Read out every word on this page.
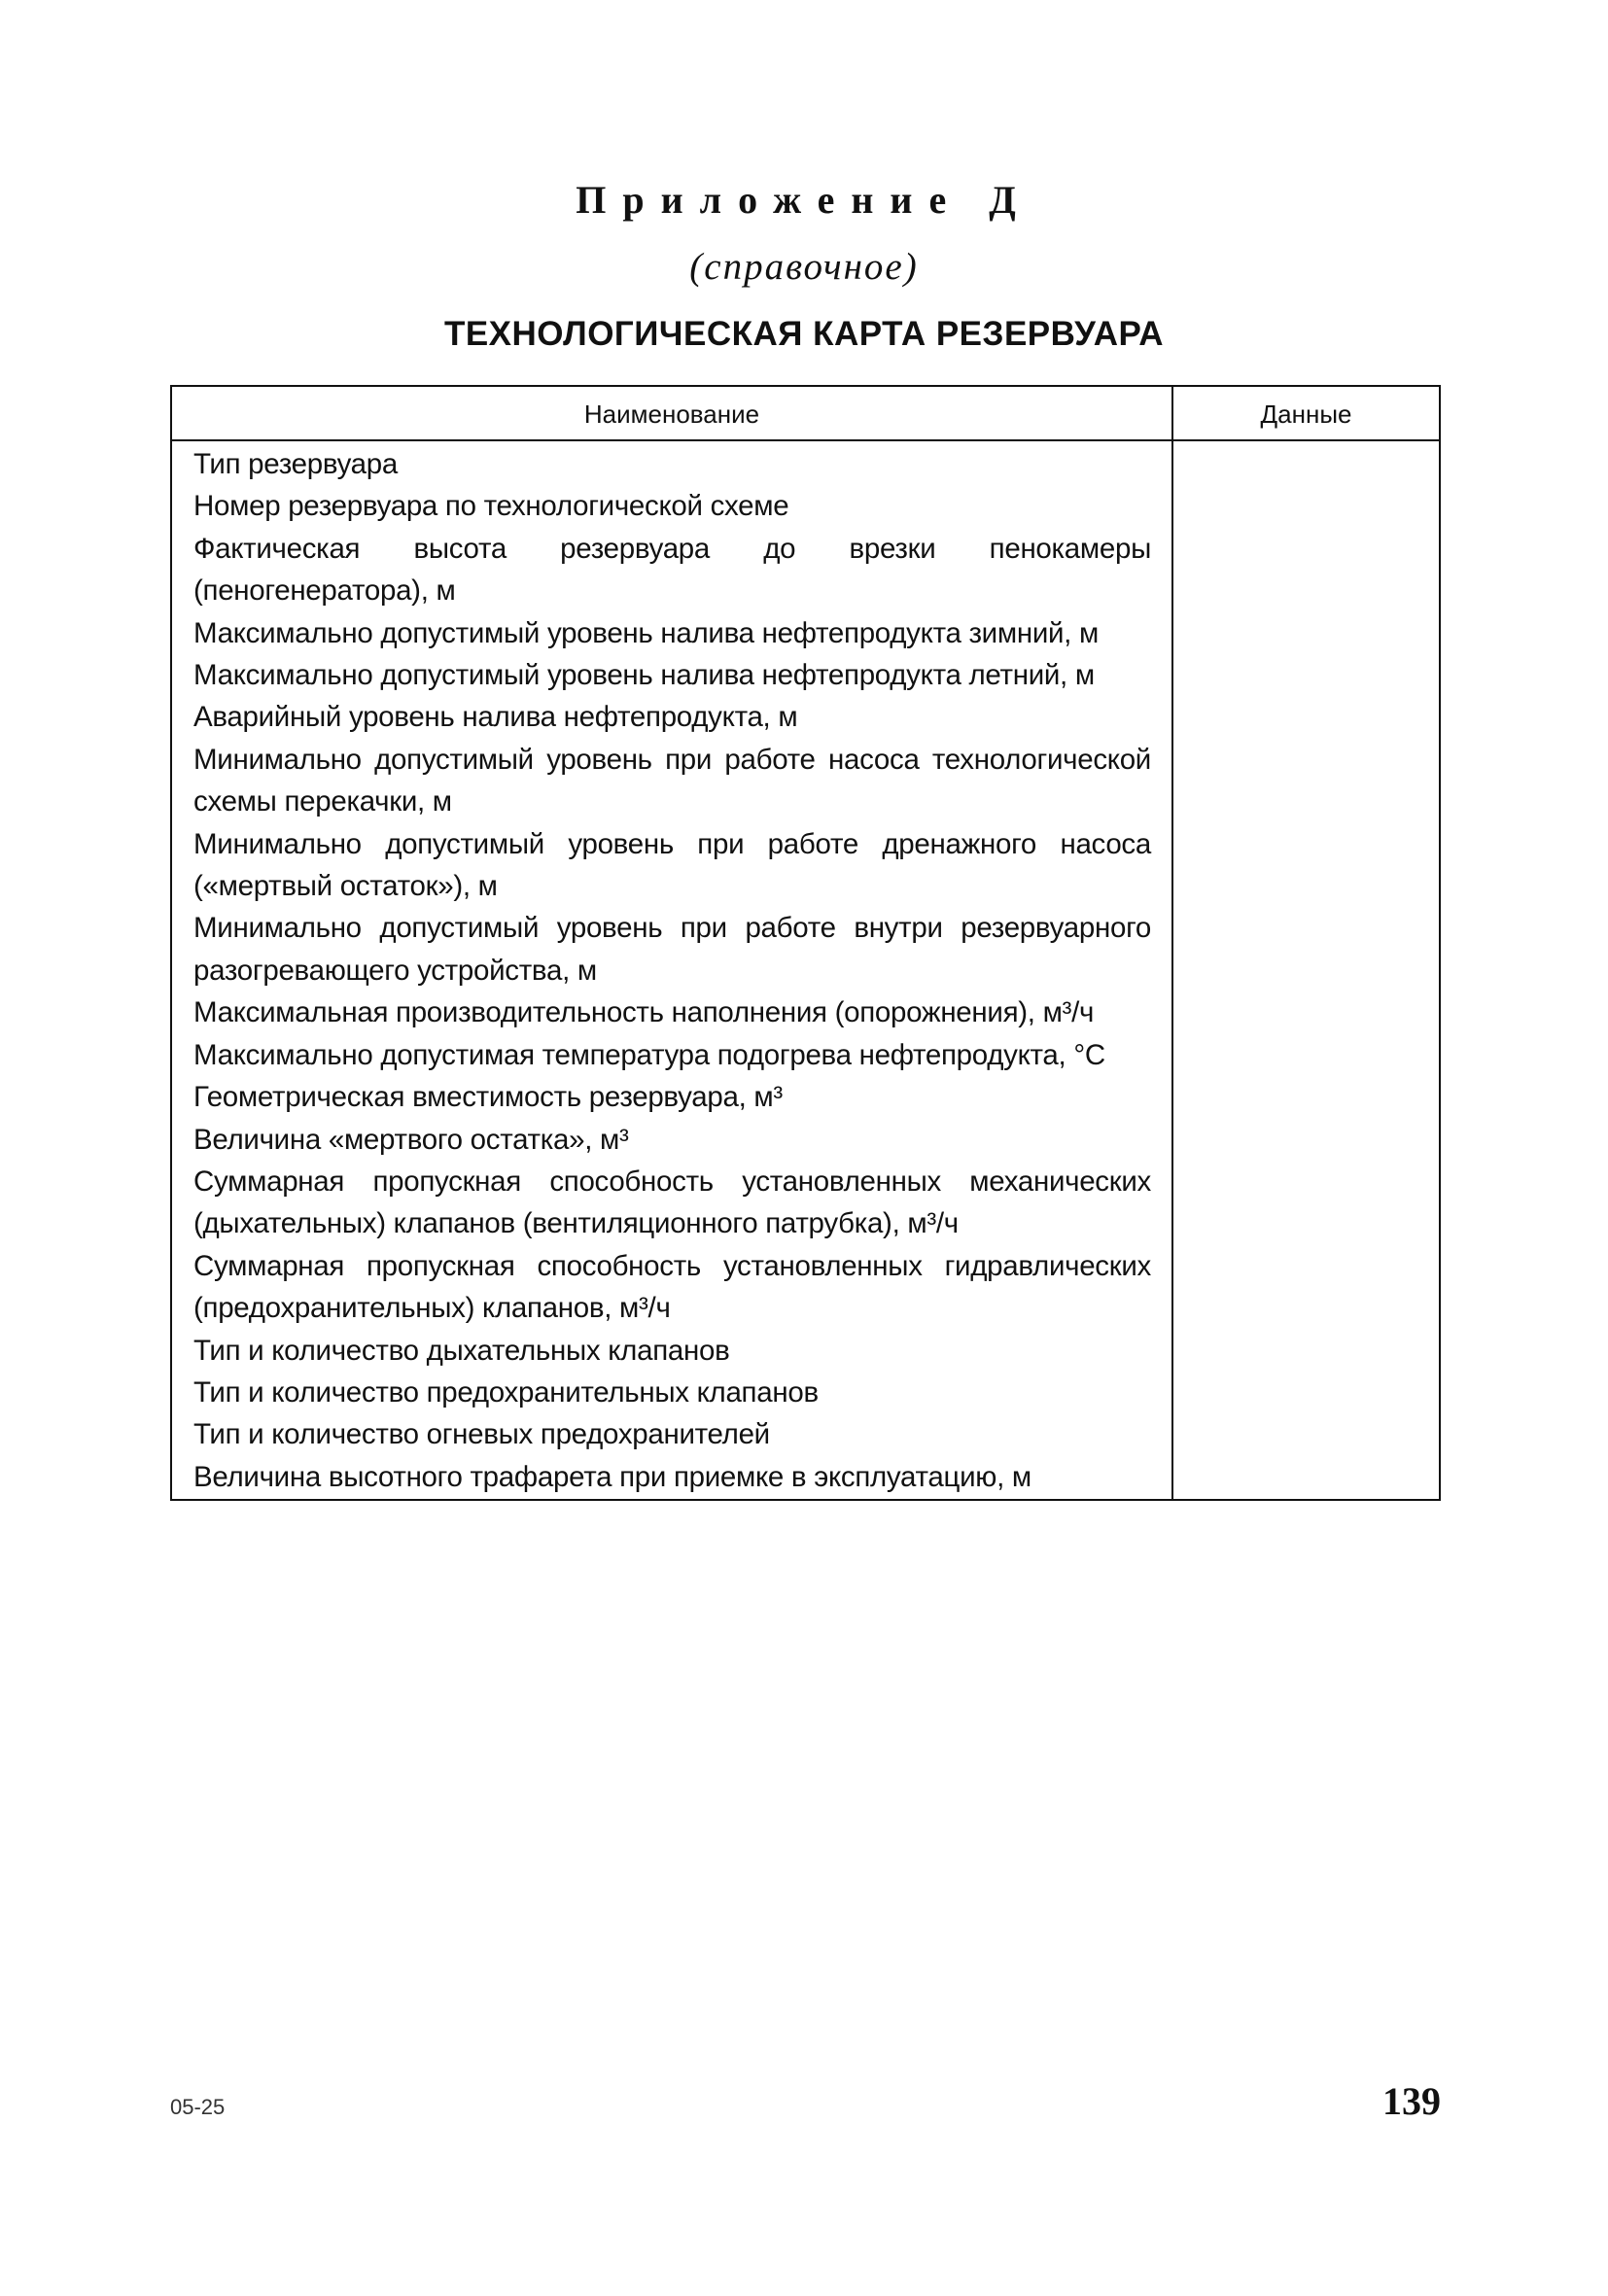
Приложение Д
(справочное)
ТЕХНОЛОГИЧЕСКАЯ КАРТА РЕЗЕРВУАРА
Наименование	Данные
Тип резервуара
Номер резервуара по технологической схеме
Фактическая высота резервуара до врезки пенокамеры (пеногенератора), м
Максимально допустимый уровень налива нефтепродукта зимний, м
Максимально допустимый уровень налива нефтепродукта летний, м
Аварийный уровень налива нефтепродукта, м
Минимально допустимый уровень при работе насоса технологической схемы перекачки, м
Минимально допустимый уровень при работе дренажного насоса («мертвый остаток»), м
Минимально допустимый уровень при работе внутри резервуарного разогревающего устройства, м
Максимальная производительность наполнения (опорожнения), м³/ч
Максимально допустимая температура подогрева нефтепродукта, °С
Геометрическая вместимость резервуара, м³
Величина «мертвого остатка», м³
Суммарная пропускная способность установленных механических (дыхательных) клапанов (вентиляционного патрубка), м³/ч
Суммарная пропускная способность установленных гидравлических (предохранительных) клапанов, м³/ч
Тип и количество дыхательных клапанов
Тип и количество предохранительных клапанов
Тип и количество огневых предохранителей
Величина высотного трафарета при приемке в эксплуатацию, м
05-25	139
